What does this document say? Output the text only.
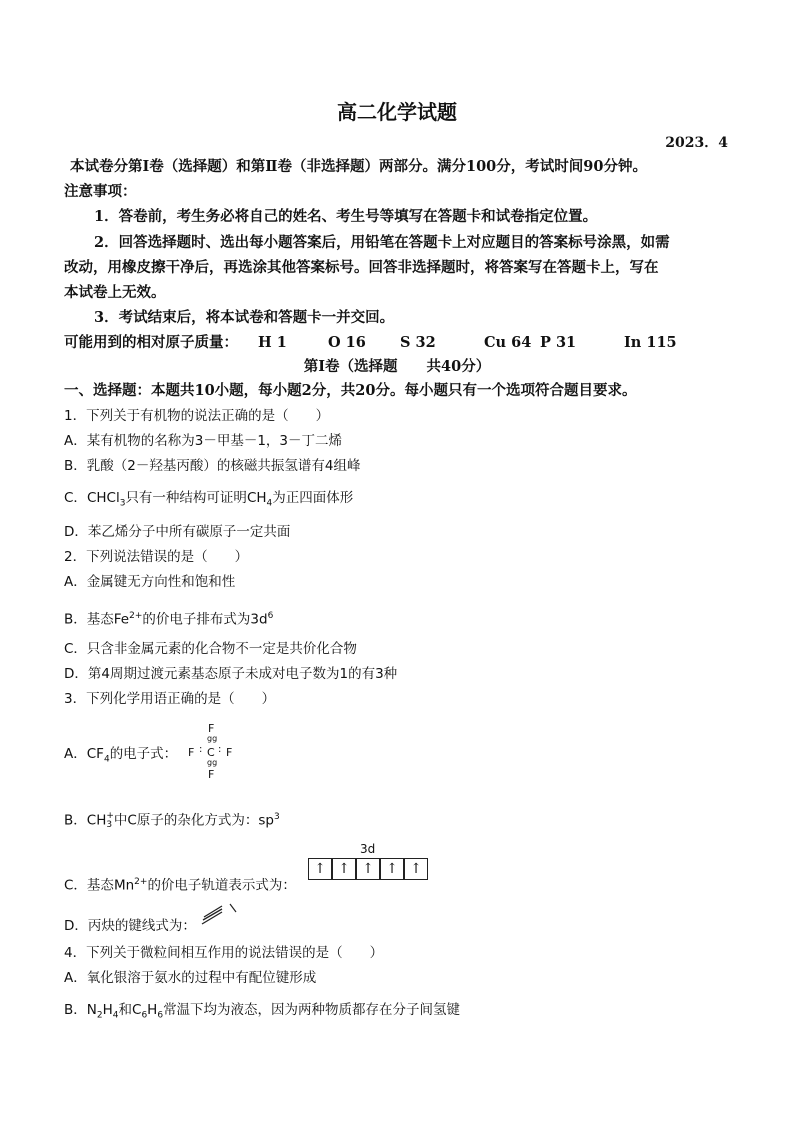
高二化学试题
2023．4
本试卷分第Ⅰ卷（选择题）和第Ⅱ卷（非选择题）两部分。满分100分，考试时间90分钟。
注意事项：
1．答卷前，考生务必将自己的姓名、考生号等填写在答题卡和试卷指定位置。
2．回答选择题时、选出每小题答案后，用铅笔在答题卡上对应题目的答案标号涂黑，如需
改动，用橡皮擦干净后，再选涂其他答案标号。回答非选择题时，将答案写在答题卡上，写在
本试卷上无效。
3．考试结束后，将本试卷和答题卡一并交回。
可能用到的相对原子质量： H 1	O 16 S 32	Cu 64 P 31	In 115
第Ⅰ卷（选择题　　共40分）
一、选择题：本题共10小题，每小题2分，共20分。每小题只有一个选项符合题目要求。
1．下列关于有机物的说法正确的是（　　）
A．某有机物的名称为3－甲基－1，3－丁二烯
B．乳酸（2－羟基丙酸）的核磁共振氢谱有4组峰
C．CHCl$_3$只有一种结构可证明$CH_4$为正四面体形
D．苯乙烯分子中所有碳原子一定共面
2．下列说法错误的是（　　）
A．金属键无方向性和饱和性
B．基态$Fe^{2+}$的价电子排布式为$3d^6$
C．只含非金属元素的化合物不一定是共价化合物
D．第4周期过渡元素基态原子未成对电子数为1的有3种
3．下列化学用语正确的是（　　）
A．$CF_4$的电子式：
F
gg
F : C : F
gg
F
B．CH +
3 中C原子的杂化方式为：$sp^3$
C．基态$Mn^{2+}$的价电子轨道表示式为：
3d
↑ ↑ ↑ ↑ ↑
D．丙炔的键线式为：
4．下列关于微粒间相互作用的说法错误的是（　　）
A．氧化银溶于氨水的过程中有配位键形成
B．$N_2H_4$和$C_6H_6$常温下均为液态，因为两种物质都存在分子间氢键
